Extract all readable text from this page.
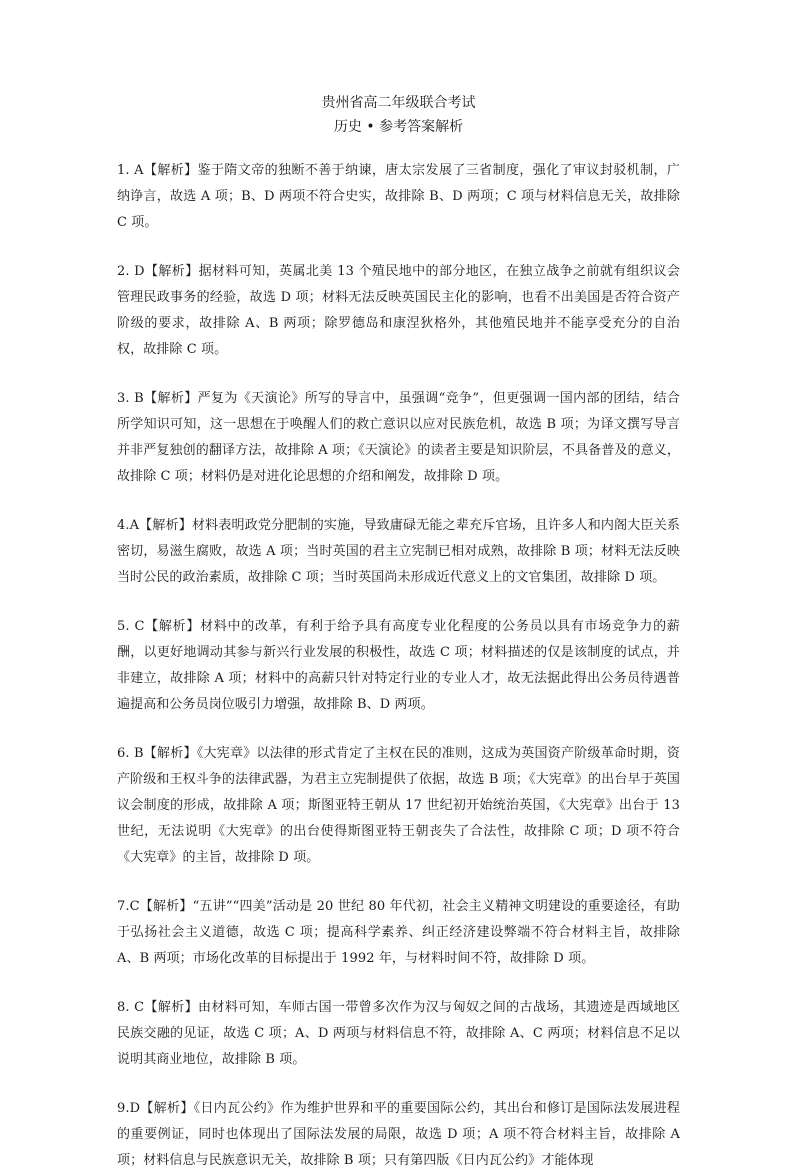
贵州省高二年级联合考试

历史 • 参考答案解析

1. A【解析】鉴于隋文帝的独断不善于纳谏，唐太宗发展了三省制度，强化了审议封驳机制，广纳诤言，故选 A 项；B、D 两项不符合史实，故排除 B、D 两项；C 项与材料信息无关，故排除 C 项。

2. D【解析】据材料可知，英属北美 13 个殖民地中的部分地区，在独立战争之前就有组织议会管理民政事务的经验，故选 D 项；材料无法反映英国民主化的影响，也看不出美国是否符合资产阶级的要求，故排除 A、B 两项；除罗德岛和康涅狄格外，其他殖民地并不能享受充分的自治权，故排除 C 项。

3. B【解析】严复为《天演论》所写的导言中，虽强调“竞争”，但更强调一国内部的团结，结合所学知识可知，这一思想在于唤醒人们的救亡意识以应对民族危机，故选 B 项；为译文撰写导言并非严复独创的翻译方法，故排除 A 项；《天演论》的读者主要是知识阶层，不具备普及的意义，故排除 C 项；材料仍是对进化论思想的介绍和阐发，故排除 D 项。

4.A【解析】材料表明政党分肥制的实施，导致庸碌无能之辈充斥官场，且许多人和内阁大臣关系密切，易滋生腐败，故选 A 项；当时英国的君主立宪制已相对成熟，故排除 B 项；材料无法反映当时公民的政治素质，故排除 C 项；当时英国尚未形成近代意义上的文官集团，故排除 D 项。

5. C【解析】材料中的改革，有利于给予具有高度专业化程度的公务员以具有市场竞争力的薪酬，以更好地调动其参与新兴行业发展的积极性，故选 C 项；材料描述的仅是该制度的试点，并非建立，故排除 A 项；材料中的高薪只针对特定行业的专业人才，故无法据此得出公务员待遇普遍提高和公务员岗位吸引力增强，故排除 B、D 两项。

6. B【解析】《大宪章》以法律的形式肯定了主权在民的准则，这成为英国资产阶级革命时期，资产阶级和王权斗争的法律武器，为君主立宪制提供了依据，故选 B 项；《大宪章》的出台早于英国议会制度的形成，故排除 A 项；斯图亚特王朝从 17 世纪初开始统治英国，《大宪章》出台于 13 世纪，无法说明《大宪章》的出台使得斯图亚特王朝丧失了合法性，故排除 C 项；D 项不符合《大宪章》的主旨，故排除 D 项。

7.C【解析】“五讲”“四美”活动是 20 世纪 80 年代初，社会主义精神文明建设的重要途径，有助于弘扬社会主义道德，故选 C 项；提高科学素养、纠正经济建设弊端不符合材料主旨，故排除 A、B 两项；市场化改革的目标提出于 1992 年，与材料时间不符，故排除 D 项。

8. C【解析】由材料可知，车师古国一带曾多次作为汉与匈奴之间的古战场，其遗迹是西域地区民族交融的见证，故选 C 项；A、D 两项与材料信息不符，故排除 A、C 两项；材料信息不足以说明其商业地位，故排除 B 项。

9.D【解析】《日内瓦公约》作为维护世界和平的重要国际公约，其出台和修订是国际法发展进程的重要例证，同时也体现出了国际法发展的局限，故选 D 项；A 项不符合材料主旨，故排除 A 项；材料信息与民族意识无关，故排除 B 项；只有第四版《日内瓦公约》才能体现
